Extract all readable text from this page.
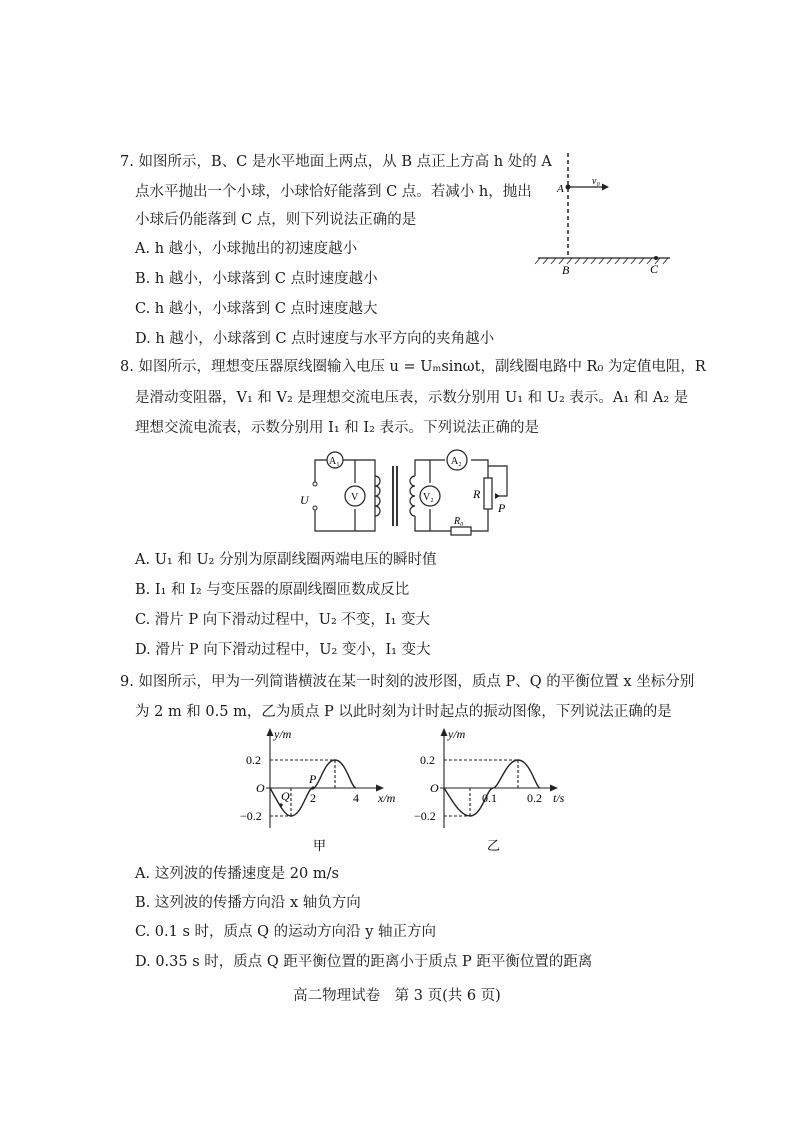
7. 如图所示，B、C 是水平地面上两点，从 B 点正上方高 h 处的 A
点水平抛出一个小球，小球恰好能落到 C 点。若减小 h，抛出
小球后仍能落到 C 点，则下列说法正确的是
A. h 越小，小球抛出的初速度越小
B. h 越小，小球落到 C 点时速度越小
C. h 越小，小球落到 C 点时速度越大
D. h 越小，小球落到 C 点时速度与水平方向的夹角越小
A
v₀
B	C
8. 如图所示，理想变压器原线圈输入电压 u = Uₘsinωt，副线圈电路中 R₀ 为定值电阻，R
是滑动变阻器，V₁ 和 V₂ 是理想交流电压表，示数分别用 U₁ 和 U₂ 表示。A₁ 和 A₂ 是
理想交流电流表，示数分别用 I₁ 和 I₂ 表示。下列说法正确的是
A₁
V
A₂
V₂
U	R
P
R₀
A. U₁ 和 U₂ 分别为原副线圈两端电压的瞬时值
B. I₁ 和 I₂ 与变压器的原副线圈匝数成反比
C. 滑片 P 向下滑动过程中，U₂ 不变，I₁ 变大
D. 滑片 P 向下滑动过程中，U₂ 变小，I₁ 变大
9. 如图所示，甲为一列简谐横波在某一时刻的波形图，质点 P、Q 的平衡位置 x 坐标分别
为 2 m 和 0.5 m，乙为质点 P 以此时刻为计时起点的振动图像，下列说法正确的是
y/m
0.2
−0.2
O
Q
P
2	4 x/m
甲
y/m
0.2
−0.2
O
0.1	0.2 t/s
乙
A. 这列波的传播速度是 20 m/s
B. 这列波的传播方向沿 x 轴负方向
C. 0.1 s 时，质点 Q 的运动方向沿 y 轴正方向
D. 0.35 s 时，质点 Q 距平衡位置的距离小于质点 P 距平衡位置的距离
高二物理试卷　第 3 页(共 6 页)
